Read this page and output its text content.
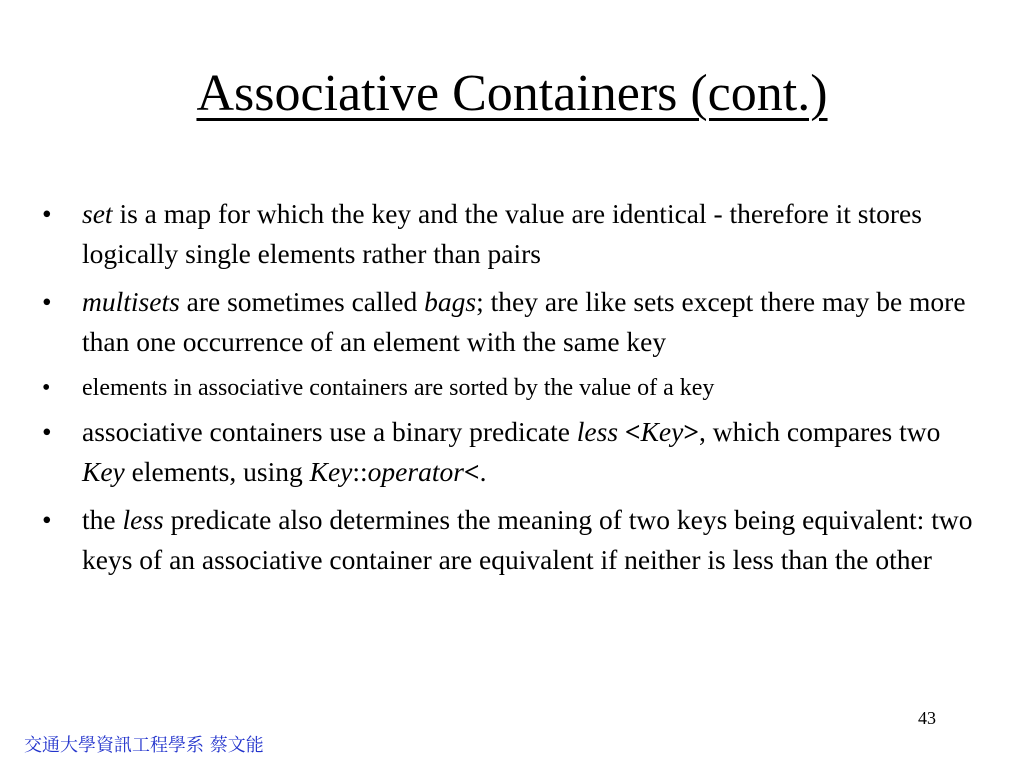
Associative Containers (cont.)
• set is a map for which the key and the value are identical - therefore it stores logically single elements rather than pairs
• multisets are sometimes called bags; they are like sets except there may be more than one occurrence of an element with the same key
• elements in associative containers are sorted by the value of a key
• associative containers use a binary predicate less <Key>, which compares two Key elements, using Key::operator<.
• the less predicate also determines the meaning of two keys being equivalent: two keys of an associative container are equivalent if neither is less than the other
43
交通大學資訊工程學系 蔡文能
